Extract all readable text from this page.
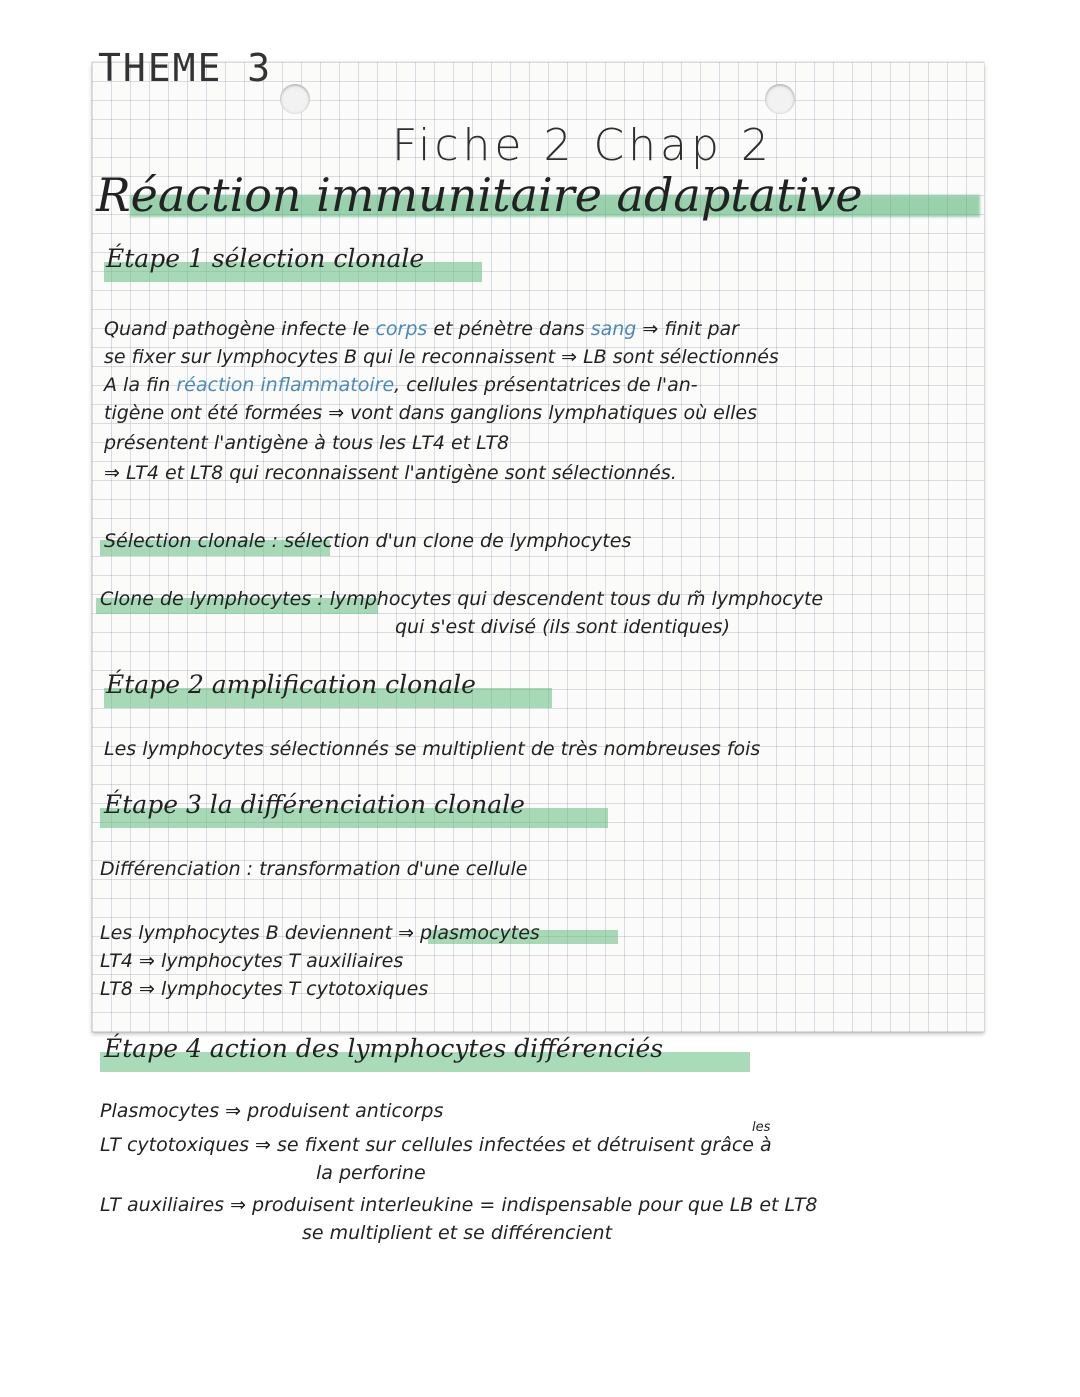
THEME 3
Fiche 2 Chap 2
Réaction immunitaire adaptative
Étape 1 sélection clonale
Quand pathogène infecte le corps et pénètre dans sang ⇒ finit par
se fixer sur lymphocytes B qui le reconnaissent ⇒ LB sont sélectionnés
A la fin réaction inflammatoire, cellules présentatrices de l'an-
tigène ont été formées ⇒ vont dans ganglions lymphatiques où elles
présentent l'antigène à tous les LT4 et LT8
⇒ LT4 et LT8 qui reconnaissent l'antigène sont sélectionnés.
Sélection clonale : sélection d'un clone de lymphocytes
Clone de lymphocytes : lymphocytes qui descendent tous du m̃ lymphocyte
qui s'est divisé (ils sont identiques)
Étape 2 amplification clonale
Les lymphocytes sélectionnés se multiplient de très nombreuses fois
Étape 3 la différenciation clonale
Différenciation : transformation d'une cellule
Les lymphocytes B deviennent ⇒ plasmocytes
LT4 ⇒ lymphocytes T auxiliaires
LT8 ⇒ lymphocytes T cytotoxiques
Étape 4 action des lymphocytes différenciés
Plasmocytes ⇒ produisent anticorps
les
LT cytotoxiques ⇒ se fixent sur cellules infectées et détruisent grâce à
la perforine
LT auxiliaires ⇒ produisent interleukine = indispensable pour que LB et LT8
se multiplient et se différencient
